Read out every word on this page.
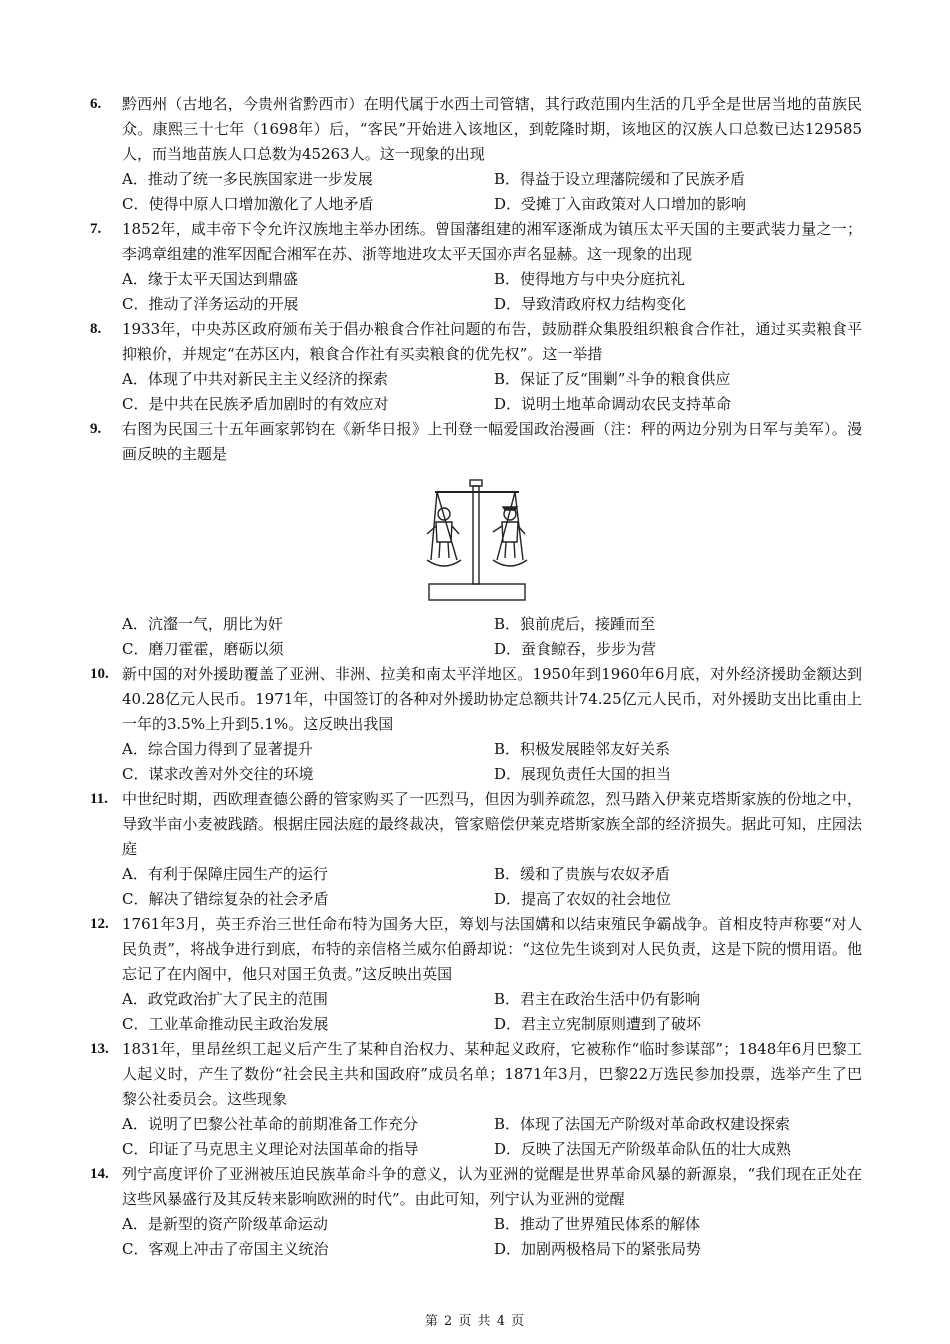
6.	黔西州（古地名，今贵州省黔西市）在明代属于水西土司管辖，其行政范围内生活的几乎全是世居当地的苗族民众。康熙三十七年（1698年）后，“客民”开始进入该地区，到乾隆时期，该地区的汉族人口总数已达129585人，而当地苗族人口总数为45263人。这一现象的出现
A．推动了统一多民族国家进一步发展	B．得益于设立理藩院缓和了民族矛盾
C．使得中原人口增加激化了人地矛盾	D．受摊丁入亩政策对人口增加的影响
7.	1852年，咸丰帝下令允许汉族地主举办团练。曾国藩组建的湘军逐渐成为镇压太平天国的主要武装力量之一；李鸿章组建的淮军因配合湘军在苏、浙等地进攻太平天国亦声名显赫。这一现象的出现
A．缘于太平天国达到鼎盛	B．使得地方与中央分庭抗礼
C．推动了洋务运动的开展	D．导致清政府权力结构变化
8.	1933年，中央苏区政府颁布关于倡办粮食合作社问题的布告，鼓励群众集股组织粮食合作社，通过买卖粮食平抑粮价，并规定“在苏区内，粮食合作社有买卖粮食的优先权”。这一举措
A．体现了中共对新民主主义经济的探索	B．保证了反“围剿”斗争的粮食供应
C．是中共在民族矛盾加剧时的有效应对	D．说明土地革命调动农民支持革命
9.	右图为民国三十五年画家郭钧在《新华日报》上刊登一幅爱国政治漫画（注：秤的两边分别为日军与美军）。漫画反映的主题是
A．沆瀣一气，朋比为奸	B．狼前虎后，接踵而至
C．磨刀霍霍，磨砺以须	D．蚕食鲸吞，步步为营
10. 新中国的对外援助覆盖了亚洲、非洲、拉美和南太平洋地区。1950年到1960年6月底，对外经济援助金额达到40.28亿元人民币。1971年，中国签订的各种对外援助协定总额共计74.25亿元人民币，对外援助支出比重由上一年的3.5%上升到5.1%。这反映出我国
A．综合国力得到了显著提升	B．积极发展睦邻友好关系
C．谋求改善对外交往的环境	D．展现负责任大国的担当
11. 中世纪时期，西欧理查德公爵的管家购买了一匹烈马，但因为驯养疏忽，烈马踏入伊莱克塔斯家族的份地之中，导致半亩小麦被践踏。根据庄园法庭的最终裁决，管家赔偿伊莱克塔斯家族全部的经济损失。据此可知，庄园法庭
A．有利于保障庄园生产的运行	B．缓和了贵族与农奴矛盾
C．解决了错综复杂的社会矛盾	D．提高了农奴的社会地位
12. 1761年3月，英王乔治三世任命布特为国务大臣，筹划与法国媾和以结束殖民争霸战争。首相皮特声称要“对人民负责”，将战争进行到底，布特的亲信格兰威尔伯爵却说：“这位先生谈到对人民负责，这是下院的惯用语。他忘记了在内阁中，他只对国王负责。”这反映出英国
A．政党政治扩大了民主的范围	B．君主在政治生活中仍有影响
C．工业革命推动民主政治发展	D．君主立宪制原则遭到了破坏
13. 1831年，里昂丝织工起义后产生了某种自治权力、某种起义政府，它被称作“临时参谋部”；1848年6月巴黎工人起义时，产生了数份“社会民主共和国政府”成员名单；1871年3月，巴黎22万选民参加投票，选举产生了巴黎公社委员会。这些现象
A．说明了巴黎公社革命的前期准备工作充分	B．体现了法国无产阶级对革命政权建设探索
C．印证了马克思主义理论对法国革命的指导	D．反映了法国无产阶级革命队伍的壮大成熟
14. 列宁高度评价了亚洲被压迫民族革命斗争的意义，认为亚洲的觉醒是世界革命风暴的新源泉，“我们现在正处在这些风暴盛行及其反转来影响欧洲的时代”。由此可知，列宁认为亚洲的觉醒
A．是新型的资产阶级革命运动	B．推动了世界殖民体系的解体
C．客观上冲击了帝国主义统治	D．加剧两极格局下的紧张局势
第 2 页 共 4 页
